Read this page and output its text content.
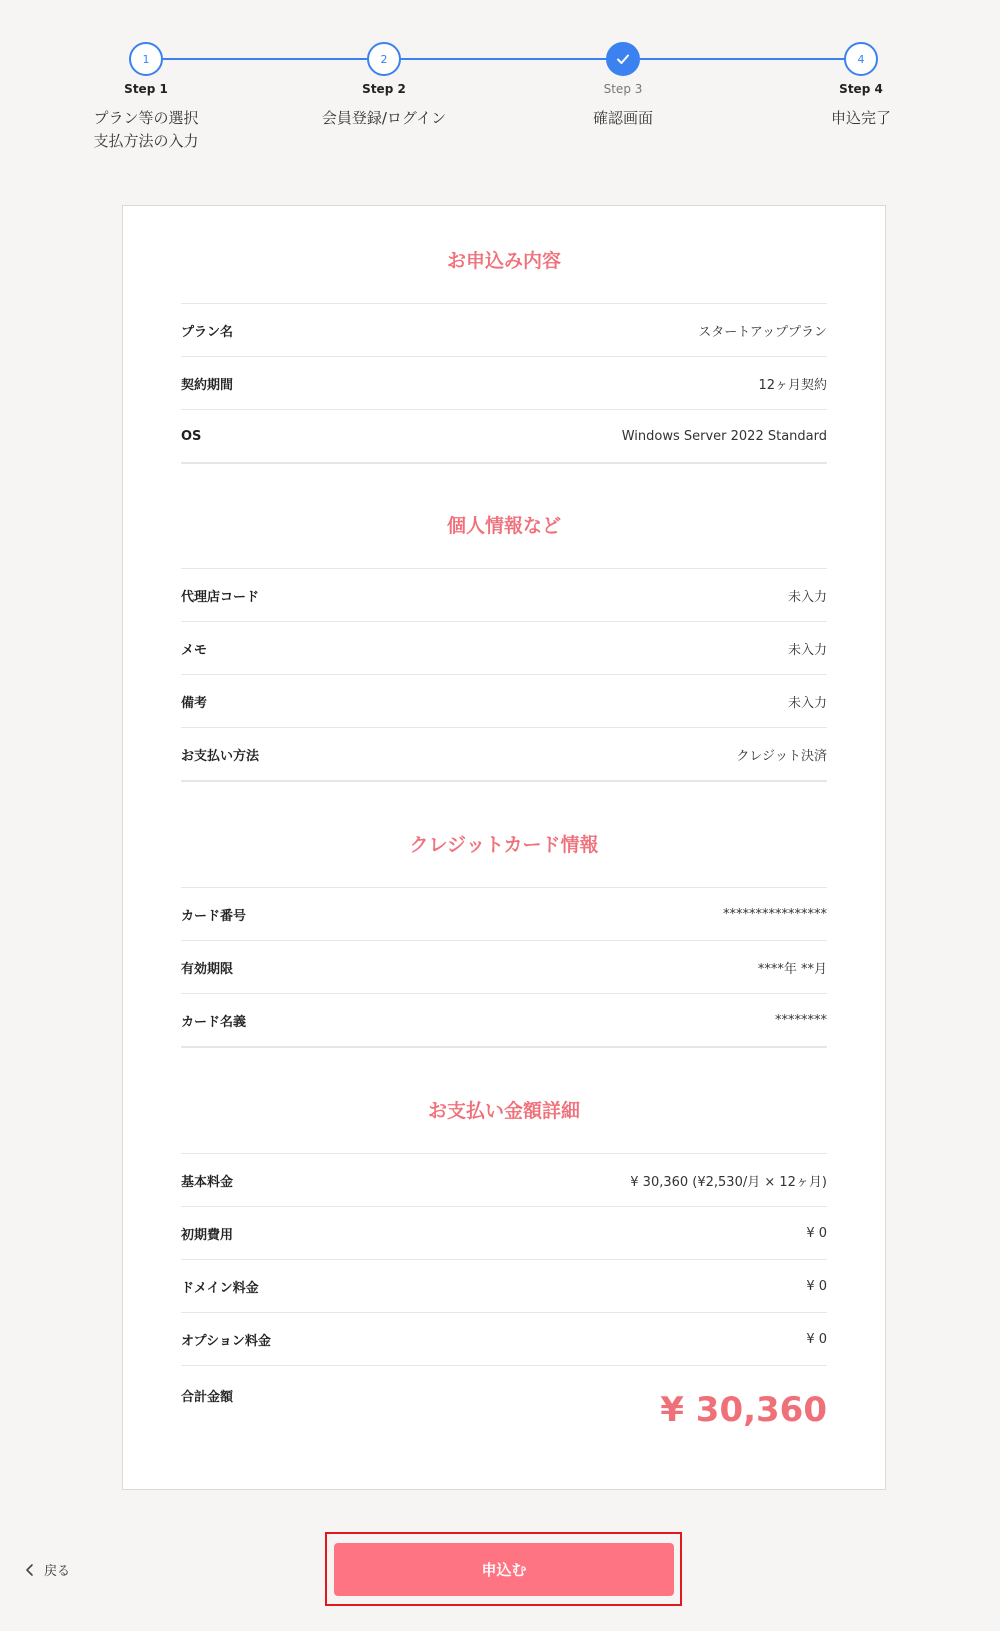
1
Step 1
プラン等の選択
支払方法の入力
2
Step 2
会員登録/ログイン
Step 3
確認画面
4
Step 4
申込完了
お申込み内容
プラン名	スタートアッププラン
契約期間	12ヶ月契約
OS	Windows Server 2022 Standard
個人情報など
代理店コード	未入力
メモ	未入力
備考	未入力
お支払い方法	クレジット決済
クレジットカード情報
カード番号	****************
有効期限	****年 **月
カード名義	********
お支払い金額詳細
基本料金	¥ 30,360 (¥2,530/月 × 12ヶ月)
初期費用	¥ 0
ドメイン料金	¥ 0
オプション料金	¥ 0
合計金額	¥ 30,360
戻る	申込む
